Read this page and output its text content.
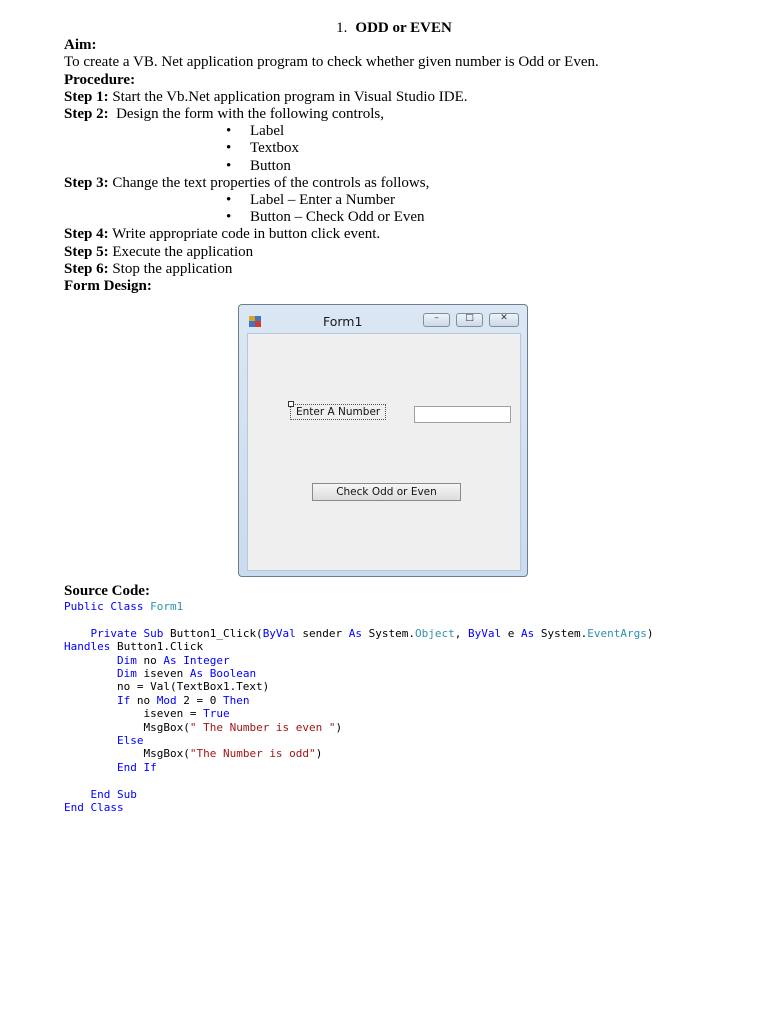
1. ODD or EVEN
Aim:
To create a VB. Net application program to check whether given number is Odd or Even.
Procedure:
Step 1: Start the Vb.Net application program in Visual Studio IDE.
Step 2:  Design the form with the following controls,
• Label
• Textbox
• Button
Step 3: Change the text properties of the controls as follows,
• Label – Enter a Number
• Button – Check Odd or Even
Step 4: Write appropriate code in button click event.
Step 5: Execute the application
Step 6: Stop the application
Form Design:
Form1	–	□	✕
Enter A Number
Check Odd or Even
Source Code:
Public Class Form1

Private Sub Button1_Click(ByVal sender As System.Object, ByVal e As System.EventArgs)
Handles Button1.Click
Dim no As Integer
Dim iseven As Boolean
no = Val(TextBox1.Text)
If no Mod 2 = 0 Then
iseven = True
MsgBox(" The Number is even ")
Else
MsgBox("The Number is odd")
End If

End Sub
End Class
